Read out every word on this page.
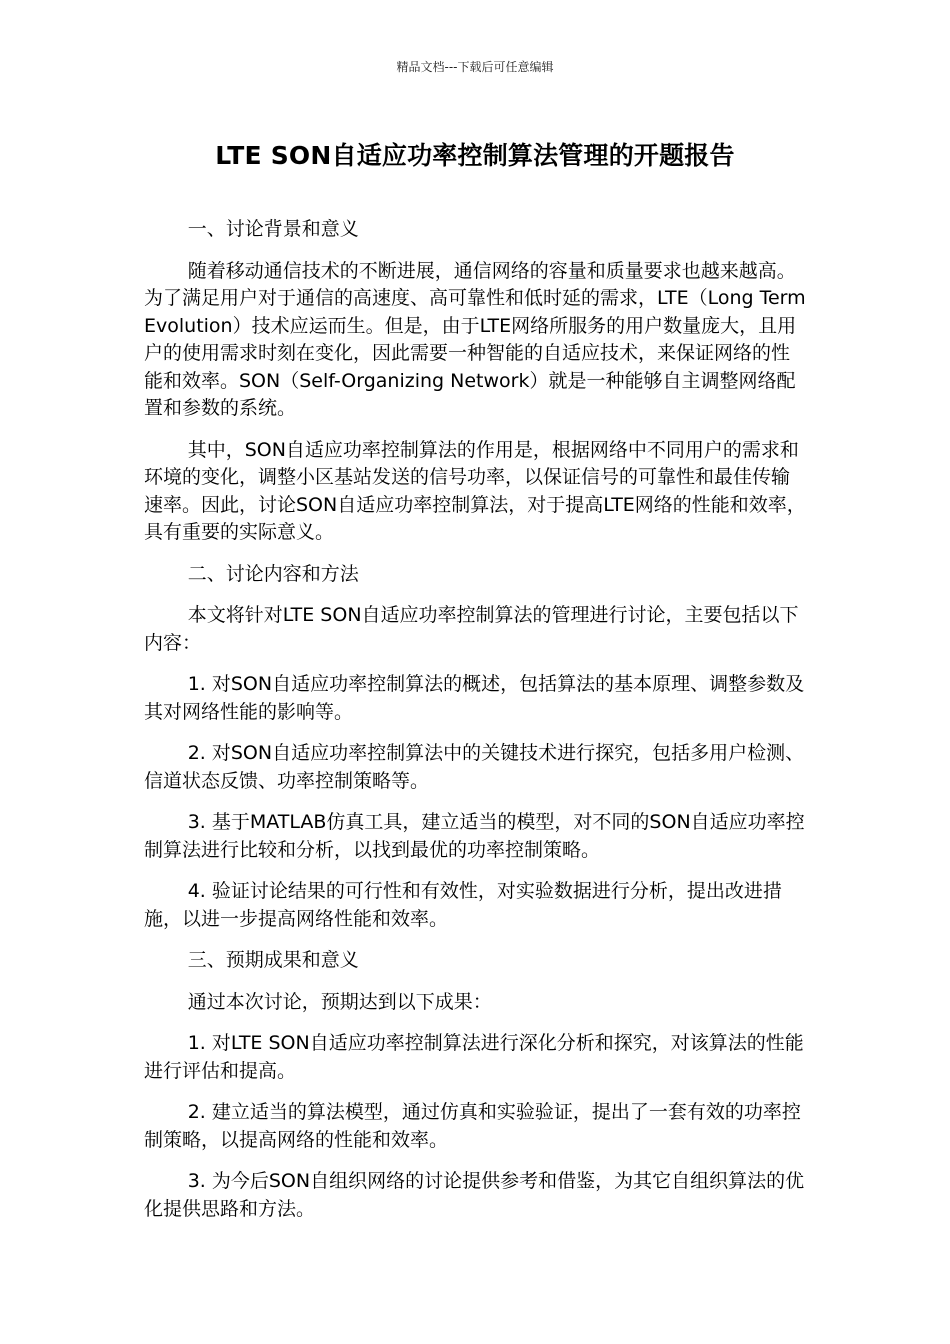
精品文档---下载后可任意编辑
LTE SON自适应功率控制算法管理的开题报告

一、讨论背景和意义

随着移动通信技术的不断进展，通信网络的容量和质量要求也越来越高。为了满足用户对于通信的高速度、高可靠性和低时延的需求，LTE（Long Term Evolution）技术应运而生。但是，由于LTE网络所服务的用户数量庞大，且用户的使用需求时刻在变化，因此需要一种智能的自适应技术，来保证网络的性能和效率。SON（Self-Organizing Network）就是一种能够自主调整网络配置和参数的系统。

其中，SON自适应功率控制算法的作用是，根据网络中不同用户的需求和环境的变化，调整小区基站发送的信号功率，以保证信号的可靠性和最佳传输速率。因此，讨论SON自适应功率控制算法，对于提高LTE网络的性能和效率，具有重要的实际意义。

二、讨论内容和方法

本文将针对LTE SON自适应功率控制算法的管理进行讨论，主要包括以下内容：

1. 对SON自适应功率控制算法的概述，包括算法的基本原理、调整参数及其对网络性能的影响等。

2. 对SON自适应功率控制算法中的关键技术进行探究，包括多用户检测、信道状态反馈、功率控制策略等。

3. 基于MATLAB仿真工具，建立适当的模型，对不同的SON自适应功率控制算法进行比较和分析，以找到最优的功率控制策略。

4. 验证讨论结果的可行性和有效性，对实验数据进行分析，提出改进措施，以进一步提高网络性能和效率。

三、预期成果和意义

通过本次讨论，预期达到以下成果：

1. 对LTE SON自适应功率控制算法进行深化分析和探究，对该算法的性能进行评估和提高。

2. 建立适当的算法模型，通过仿真和实验验证，提出了一套有效的功率控制策略，以提高网络的性能和效率。

3. 为今后SON自组织网络的讨论提供参考和借鉴，为其它自组织算法的优化提供思路和方法。
